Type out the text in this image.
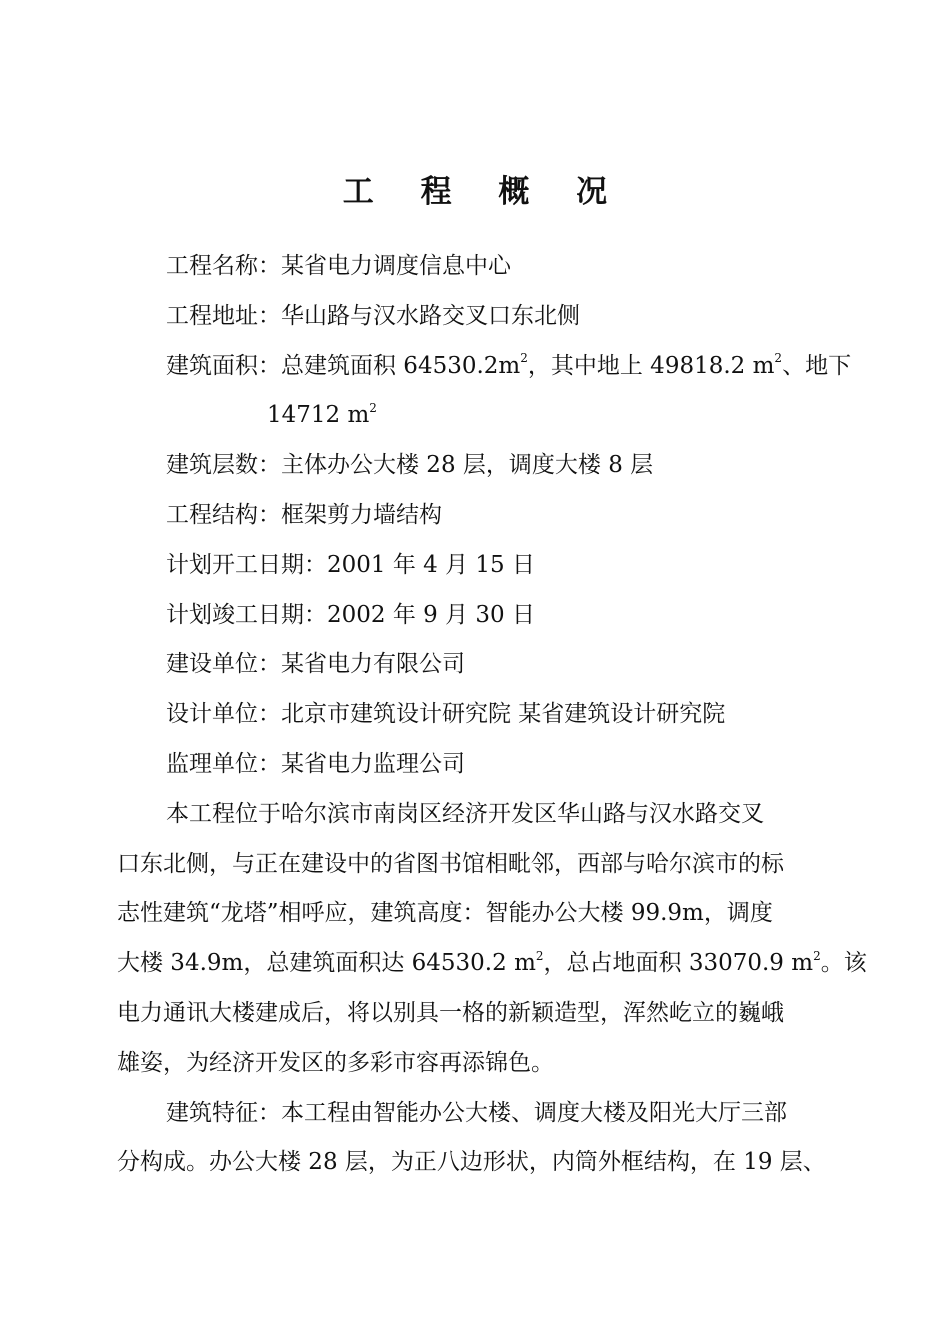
工 程 概 况
工程名称：某省电力调度信息中心
工程地址：华山路与汉水路交叉口东北侧
建筑面积：总建筑面积 $64530.2m^2$，其中地上 49818.2 $m^2$、地下
14712 $m^2$
建筑层数：主体办公大楼 28 层，调度大楼 8 层
工程结构：框架剪力墙结构
计划开工日期：2001 年 4 月 15 日
计划竣工日期：2002 年 9 月 30 日
建设单位：某省电力有限公司
设计单位：北京市建筑设计研究院 某省建筑设计研究院
监理单位：某省电力监理公司
本工程位于哈尔滨市南岗区经济开发区华山路与汉水路交叉
口东北侧，与正在建设中的省图书馆相毗邻，西部与哈尔滨市的标
志性建筑“龙塔”相呼应，建筑高度：智能办公大楼 99.9m，调度
大楼 34.9m，总建筑面积达 64530.2 $m^2$，总占地面积 33070.9 $m^2$。该
电力通讯大楼建成后，将以别具一格的新颖造型，浑然屹立的巍峨
雄姿，为经济开发区的多彩市容再添锦色。
建筑特征：本工程由智能办公大楼、调度大楼及阳光大厅三部
分构成。办公大楼 28 层，为正八边形状，内筒外框结构，在 19 层、
